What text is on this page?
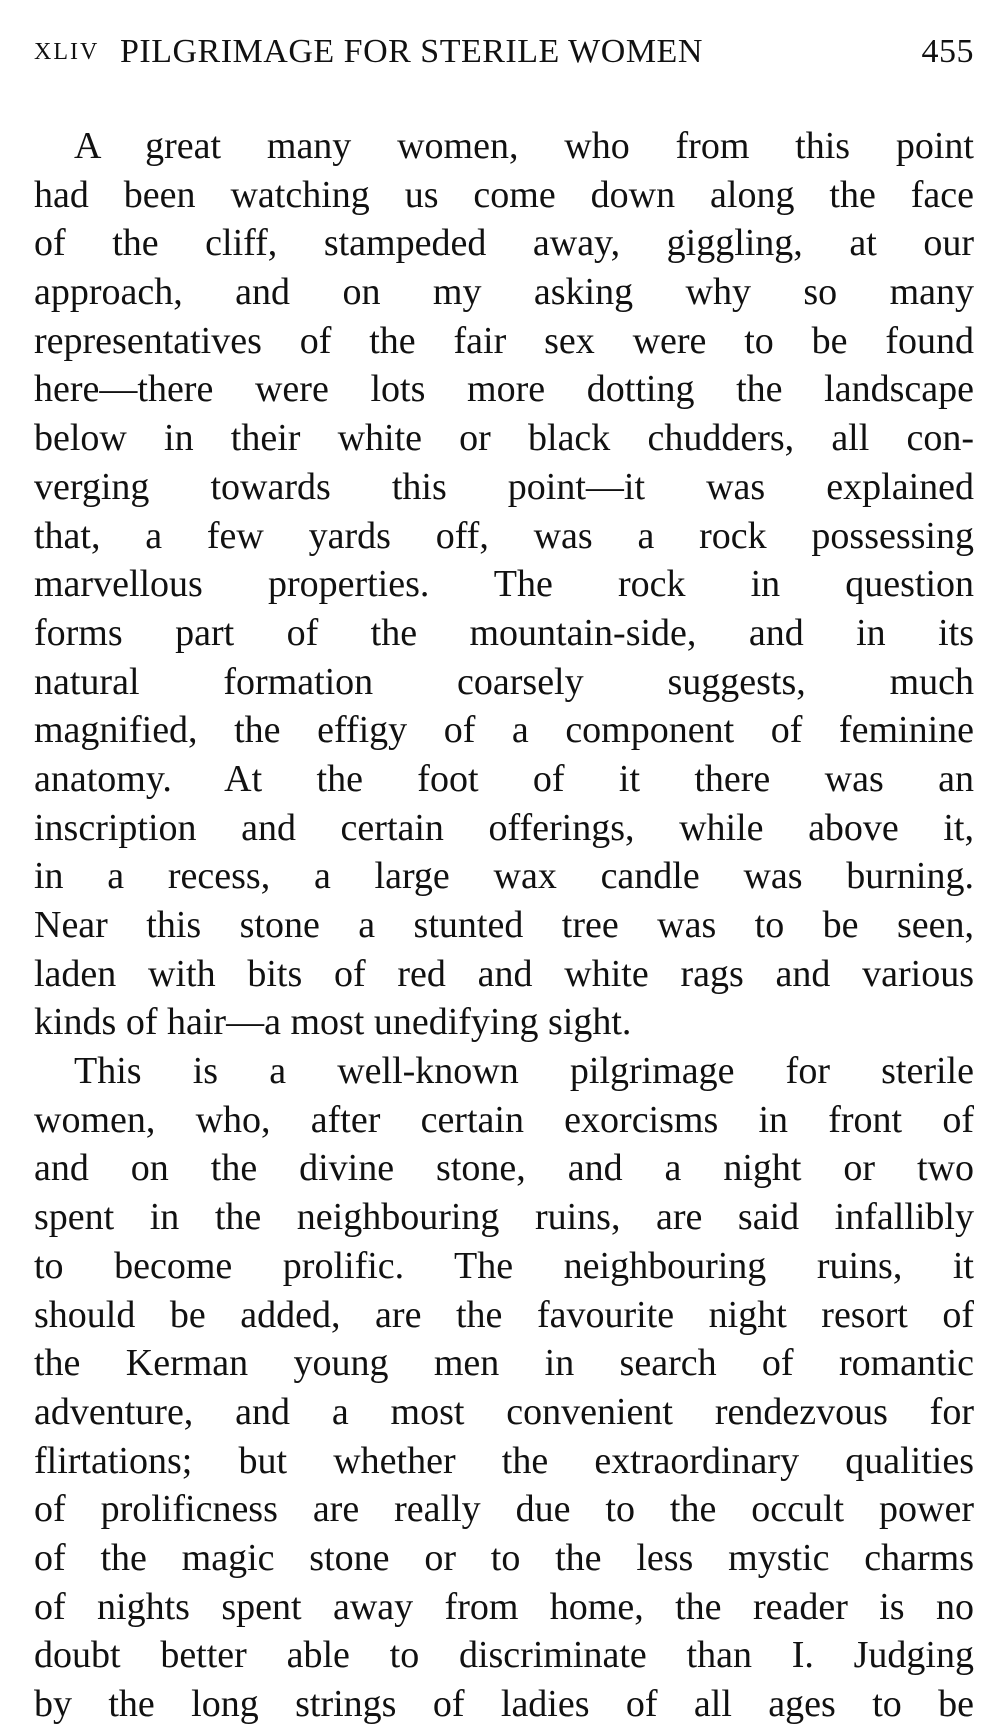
XLIV PILGRIMAGE FOR STERILE WOMEN	455
A great many women, who from this point
had been watching us come down along the face
of the cliff, stampeded away, giggling, at our
approach, and on my asking why so many
representatives of the fair sex were to be found
here—there were lots more dotting the landscape
below in their white or black chudders, all con-
verging towards this point—it was explained
that, a few yards off, was a rock possessing
marvellous properties. The rock in question
forms part of the mountain-side, and in its
natural formation coarsely suggests, much
magnified, the effigy of a component of feminine
anatomy. At the foot of it there was an
inscription and certain offerings, while above it,
in a recess, a large wax candle was burning.
Near this stone a stunted tree was to be seen,
laden with bits of red and white rags and various
kinds of hair—a most unedifying sight.
This is a well-known pilgrimage for sterile
women, who, after certain exorcisms in front of
and on the divine stone, and a night or two
spent in the neighbouring ruins, are said infallibly
to become prolific. The neighbouring ruins, it
should be added, are the favourite night resort of
the Kerman young men in search of romantic
adventure, and a most convenient rendezvous for
flirtations; but whether the extraordinary qualities
of prolificness are really due to the occult power
of the magic stone or to the less mystic charms
of nights spent away from home, the reader is no
doubt better able to discriminate than I. Judging
by the long strings of ladies of all ages to be
